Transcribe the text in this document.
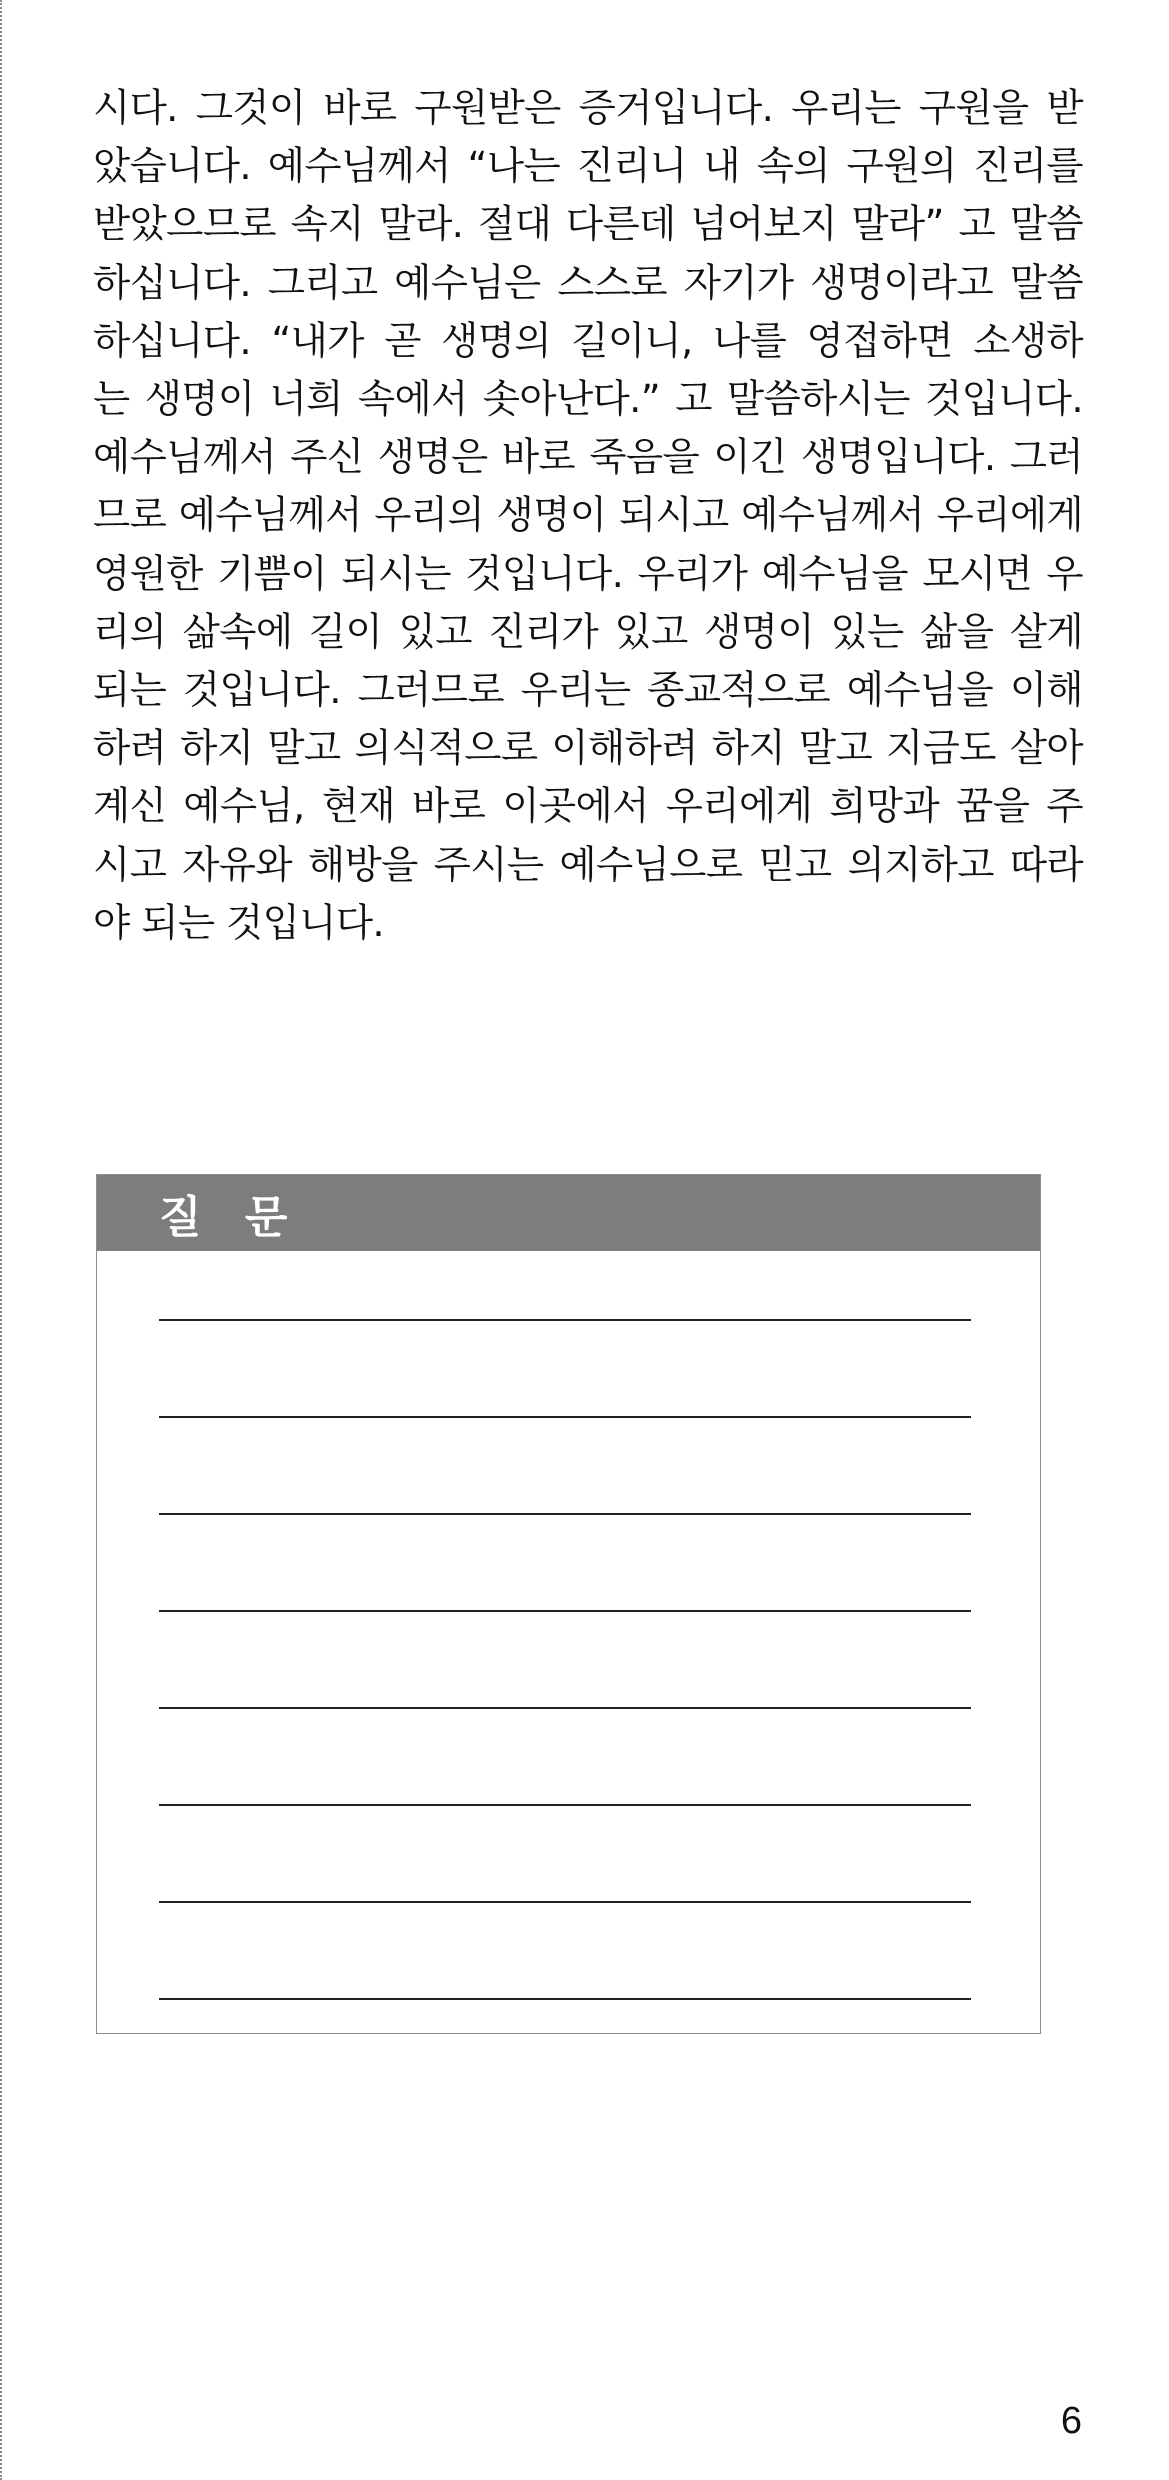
시다. 그것이 바로 구원받은 증거입니다. 우리는 구원을 받
았습니다. 예수님께서 “나는 진리니 내 속의 구원의 진리를
받았으므로 속지 말라. 절대 다른데 넘어보지 말라” 고 말씀
하십니다. 그리고 예수님은 스스로 자기가 생명이라고 말씀
하십니다. “내가 곧 생명의 길이니, 나를 영접하면 소생하
는 생명이 너희 속에서 솟아난다.” 고 말씀하시는 것입니다.
예수님께서 주신 생명은 바로 죽음을 이긴 생명입니다. 그러
므로 예수님께서 우리의 생명이 되시고 예수님께서 우리에게
영원한 기쁨이 되시는 것입니다. 우리가 예수님을 모시면 우
리의 삶속에 길이 있고 진리가 있고 생명이 있는 삶을 살게
되는 것입니다. 그러므로 우리는 종교적으로 예수님을 이해
하려 하지 말고 의식적으로 이해하려 하지 말고 지금도 살아
계신 예수님, 현재 바로 이곳에서 우리에게 희망과 꿈을 주
시고 자유와 해방을 주시는 예수님으로 믿고 의지하고 따라
야 되는 것입니다.
질 문
6
